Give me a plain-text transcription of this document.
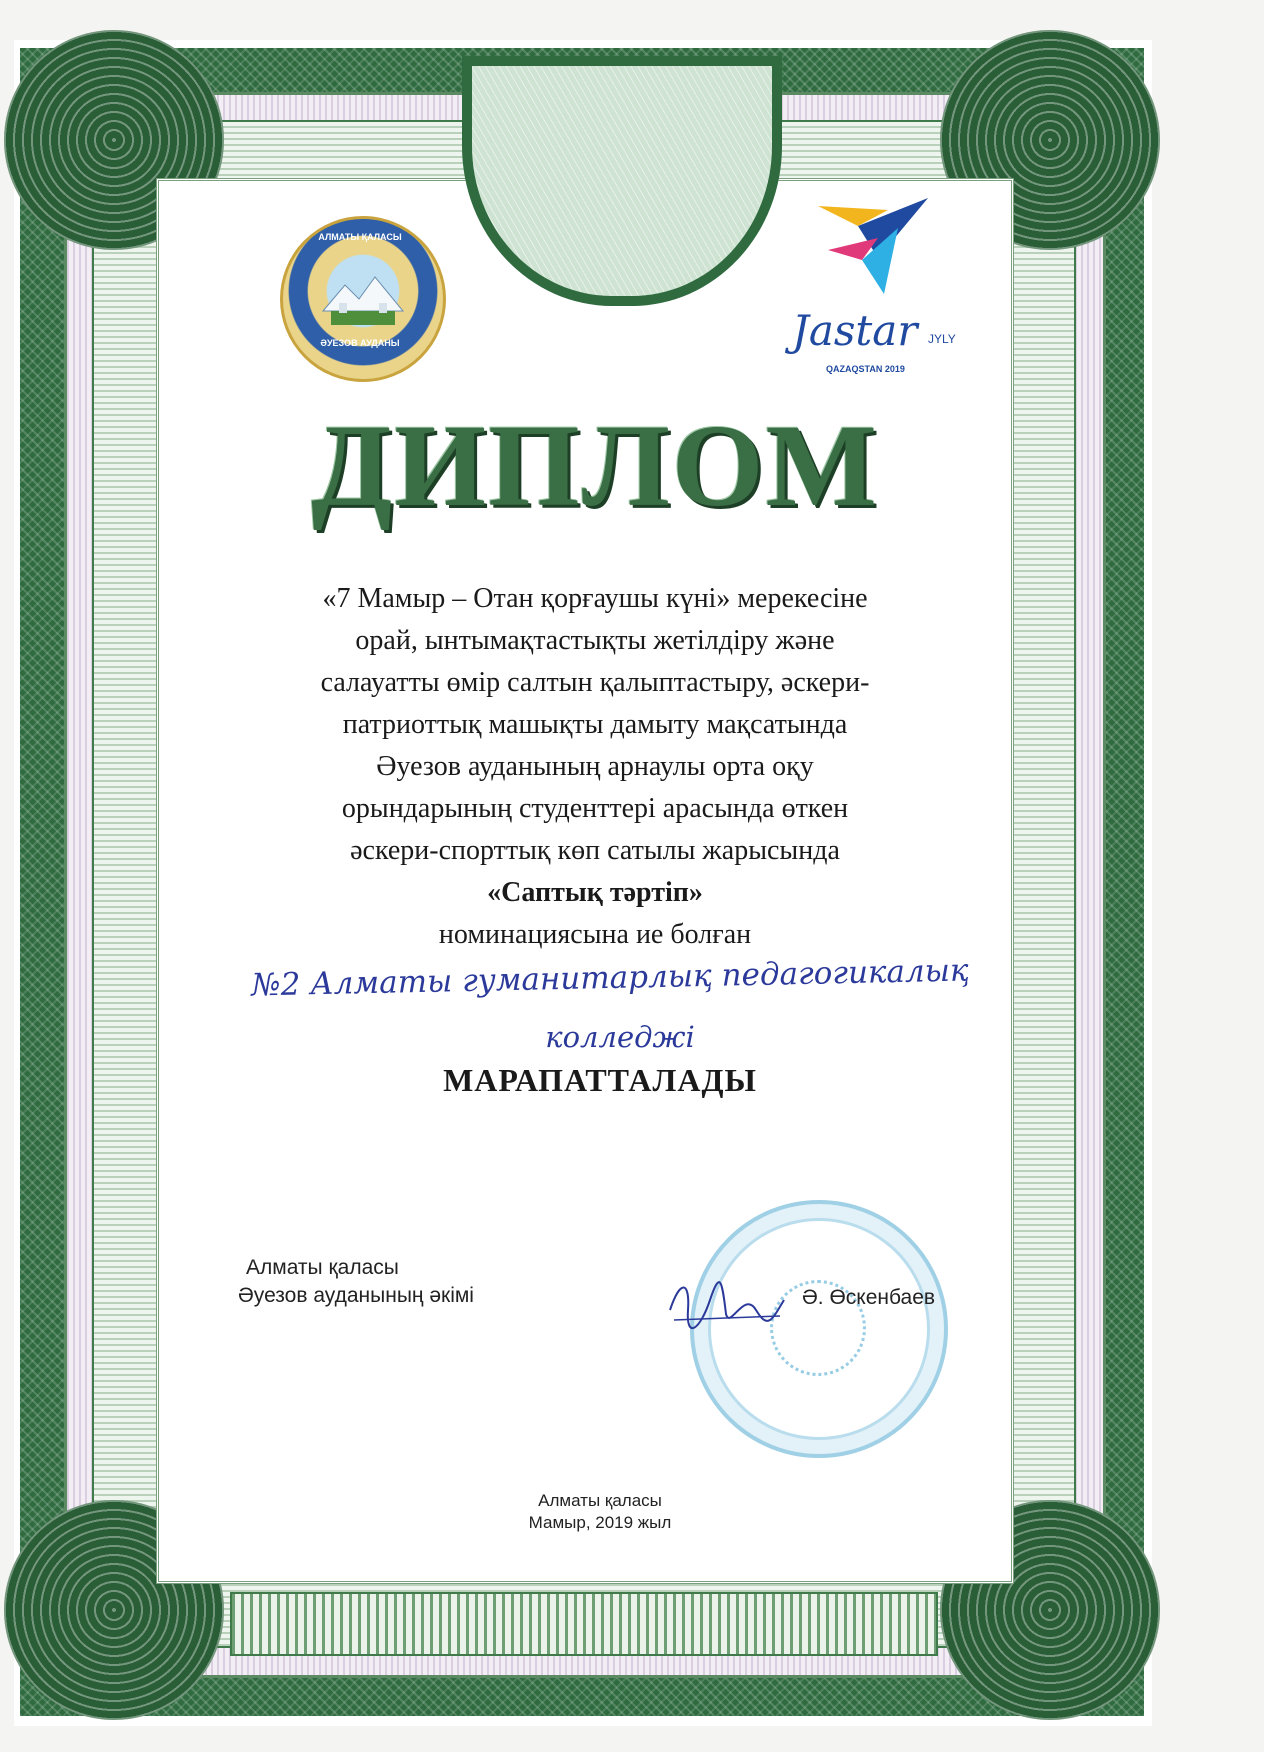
АЛМАТЫ ҚАЛАСЫ
ӘУЕЗОВ АУДАНЫ	Jastar JYLY
QAZAQSTAN 2019
ДИПЛОМ
«7 Мамыр – Отан қорғаушы күні» мерекесіне
орай, ынтымақтастықты жетілдіру және
салауатты өмір салтын қалыптастыру, әскери-
патриоттық машықты дамыту мақсатында
Әуезов ауданының арнаулы орта оқу
орындарының студенттері арасында өткен
әскери-спорттық көп сатылы жарысында
«Саптық тәртіп»
номинациясына ие болған
№2 Алматы гуманитарлық педагогикалық
колледжі
МАРАПАТТАЛАДЫ
Алматы қаласы
Әуезов ауданының әкімі	Ә. Өскенбаев
Алматы қаласы
Мамыр, 2019 жыл
